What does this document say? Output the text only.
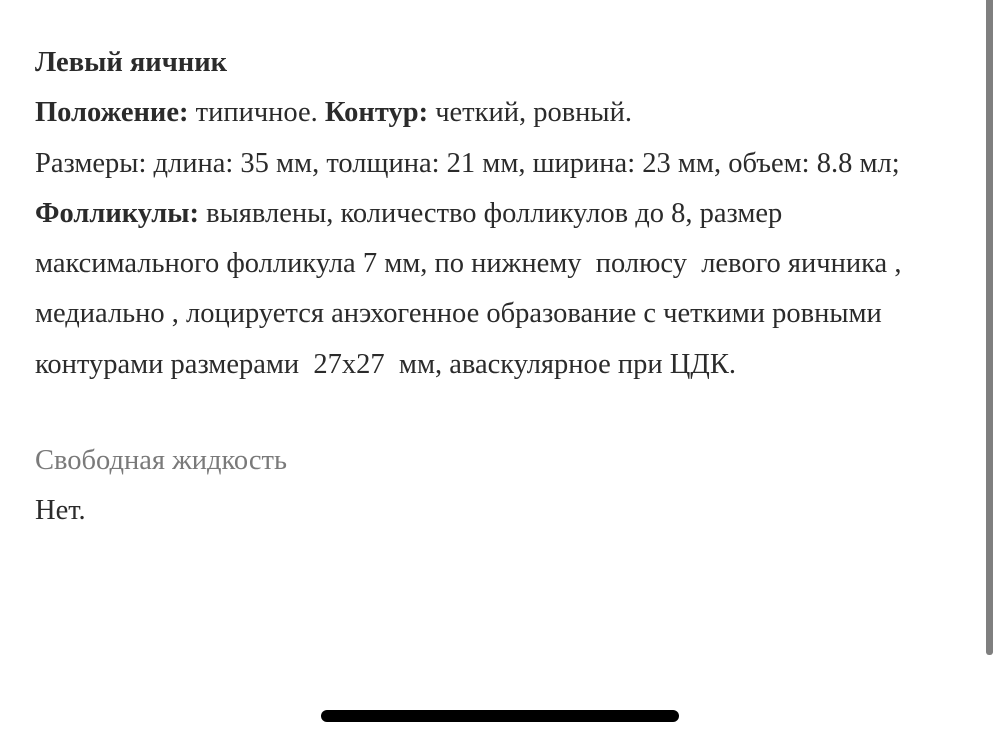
Левый яичник

Положение: типичное. Контур: четкий, ровный.

Размеры: длина: 35 мм, толщина: 21 мм, ширина: 23 мм, объем: 8.8 мл; Фолликулы: выявлены, количество фолликулов до 8, размер максимального фолликула 7 мм, по нижнему  полюсу  левого яичника , медиально , лоцируется анэхогенное образование с четкими ровными контурами размерами  27x27  мм, аваскулярное при ЦДК.

Свободная жидкость

Нет.
